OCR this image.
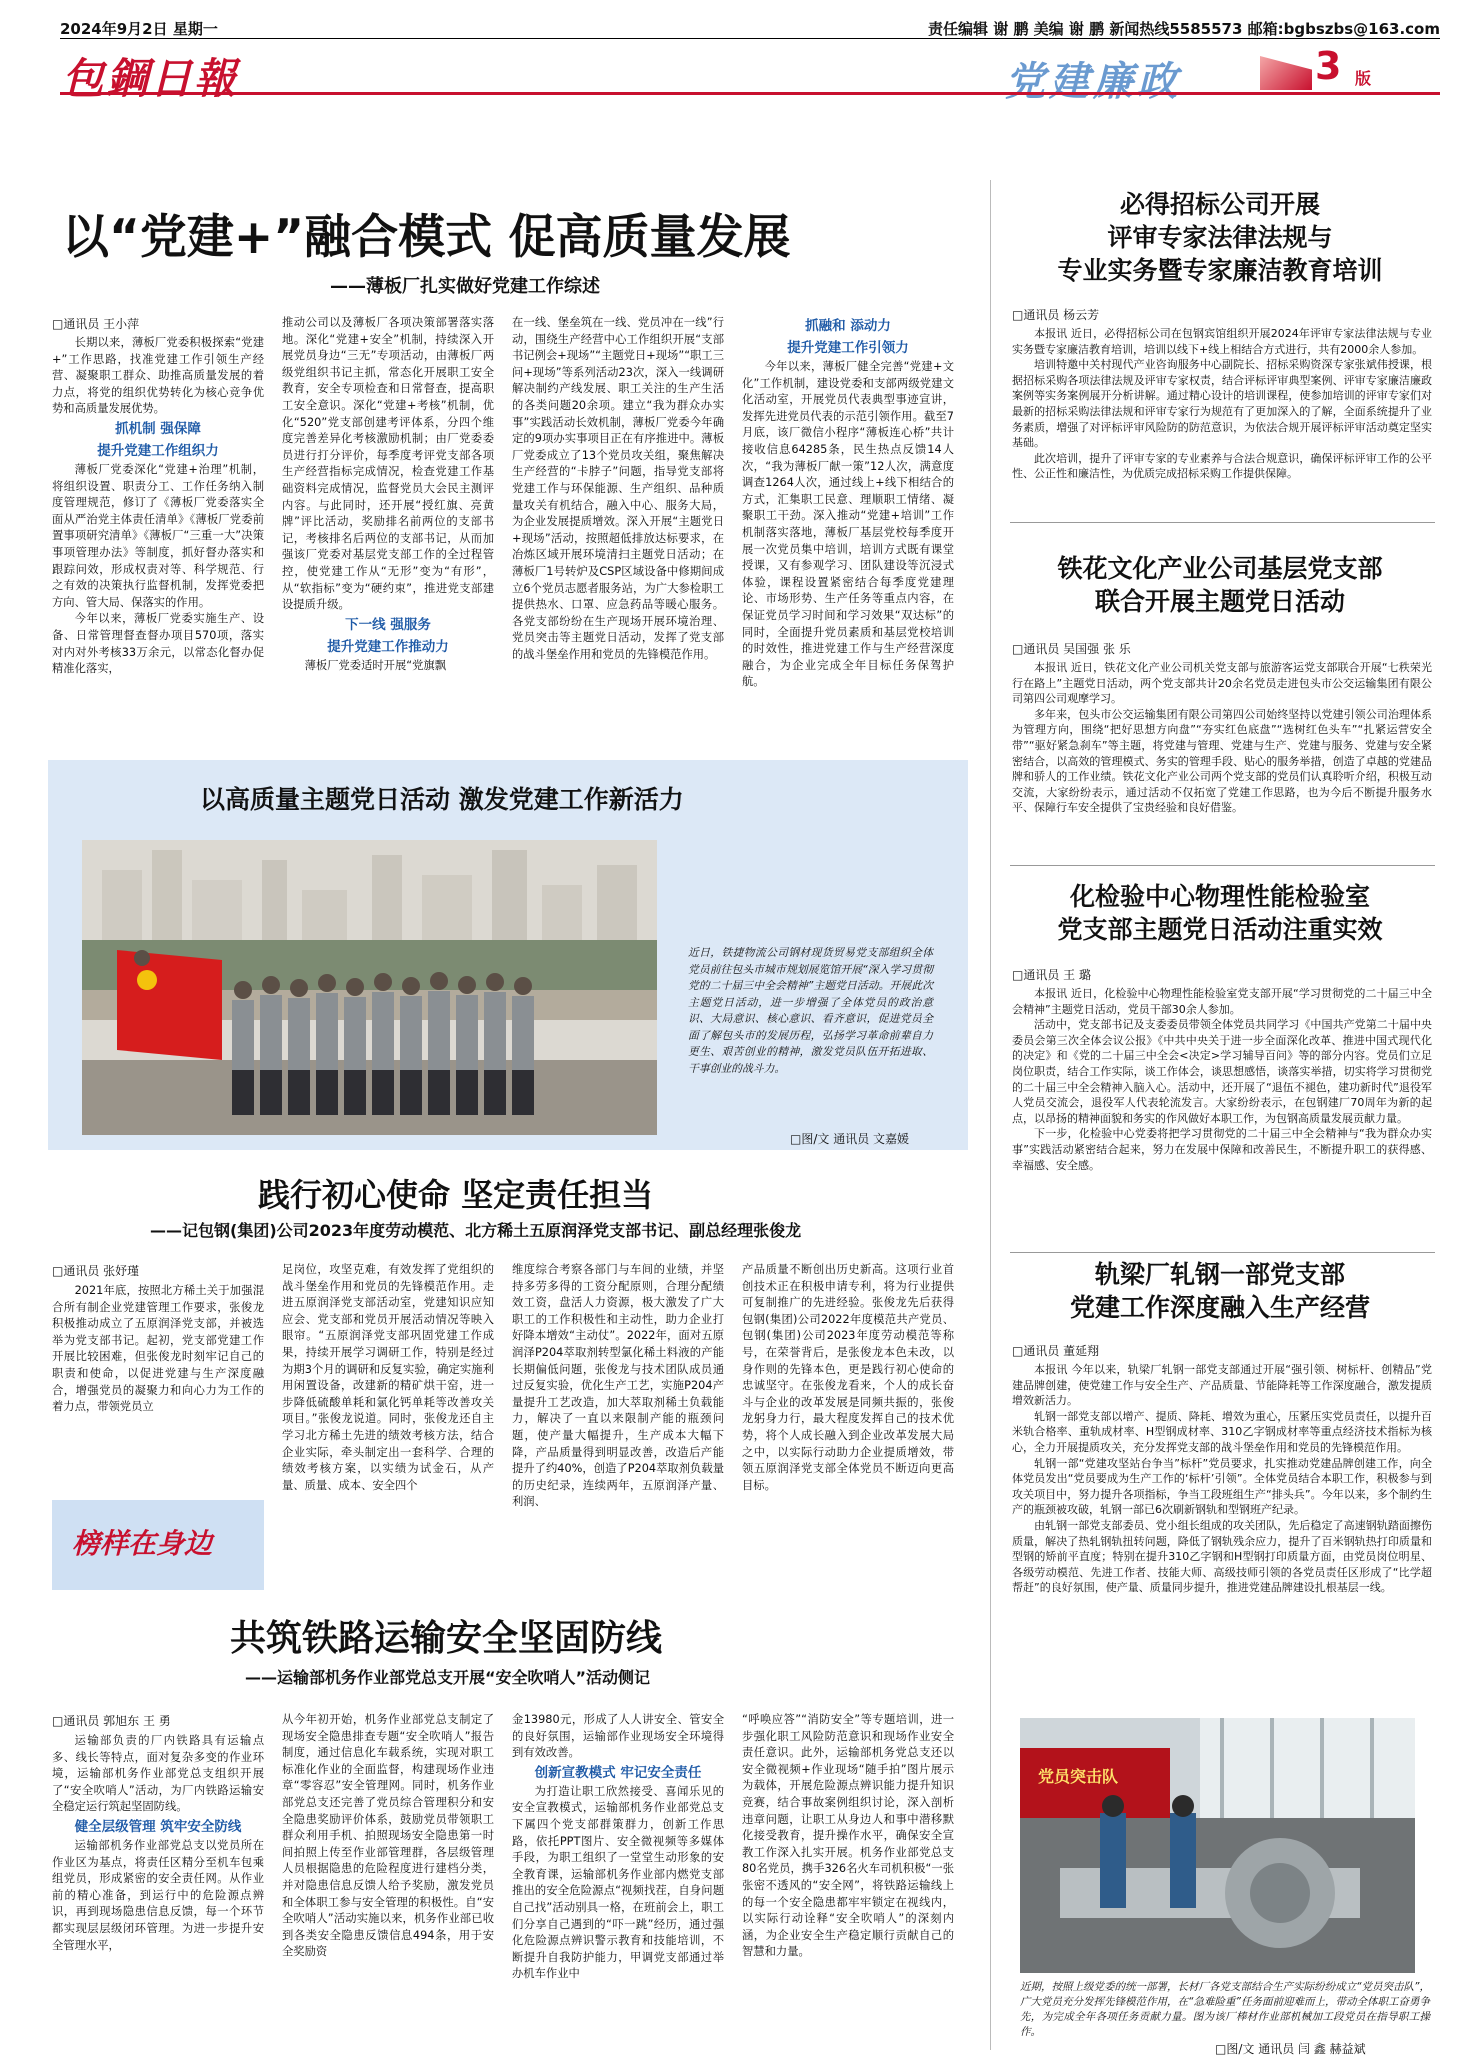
2024年9月2日 星期一	责任编辑 谢 鹏 美编 谢 鹏 新闻热线5585573 邮箱:bgbszbs@163.com
包鋼日報	党建廉政	3 版
以“党建+”融合模式 促高质量发展
——薄板厂扎实做好党建工作综述
□通讯员 王小萍

长期以来，薄板厂党委积极探索“党建+”工作思路，找准党建工作引领生产经营、凝聚职工群众、助推高质量发展的着力点，将党的组织优势转化为核心竞争优势和高质量发展优势。

抓机制 强保障
提升党建工作组织力

薄板厂党委深化“党建+治理”机制，将组织设置、职责分工、工作任务纳入制度管理规范，修订了《薄板厂党委落实全面从严治党主体责任清单》《薄板厂党委前置事项研究清单》《薄板厂“三重一大”决策事项管理办法》等制度，抓好督办落实和跟踪问效，形成权责对等、科学规范、行之有效的决策执行监督机制，发挥党委把方向、管大局、保落实的作用。

今年以来，薄板厂党委实施生产、设备、日常管理督查督办项目570项，落实对内对外考核33万余元，以常态化督办促精准化落实，

推动公司以及薄板厂各项决策部署落实落地。深化“党建+安全”机制，持续深入开展党员身边“三无”专项活动，由薄板厂两级党组织书记主抓，常态化开展职工安全教育，安全专项检查和日常督查，提高职工安全意识。深化“党建+考核”机制，优化“520”党支部创建考评体系，分四个维度完善差异化考核激励机制；由厂党委委员进行打分评价，每季度考评党支部各项生产经营指标完成情况，检查党建工作基础资料完成情况，监督党员大会民主测评内容。与此同时，还开展“授红旗、亮黄牌”评比活动，奖励排名前两位的支部书记，考核排名后两位的支部书记，从而加强该厂党委对基层党支部工作的全过程管控，使党建工作从“无形”变为“有形”，从“软指标”变为“硬约束”，推进党支部建设提质升级。

下一线 强服务
提升党建工作推动力

薄板厂党委适时开展“党旗飘

在一线、堡垒筑在一线、党员冲在一线”行动，围绕生产经营中心工作组织开展“支部书记例会+现场”“主题党日+现场”“职工三问+现场”等系列活动23次，深入一线调研解决制约产线发展、职工关注的生产生活的各类问题20余项。建立“我为群众办实事”实践活动长效机制，薄板厂党委今年确定的9项办实事项目正在有序推进中。薄板厂党委成立了13个党员攻关组，聚焦解决生产经营的“卡脖子”问题，指导党支部将党建工作与环保能源、生产组织、品种质量攻关有机结合，融入中心、服务大局，为企业发展提质增效。深入开展“主题党日+现场”活动，按照超低排放达标要求，在冶炼区域开展环境清扫主题党日活动；在薄板厂1号转炉及CSP区域设备中修期间成立6个党员志愿者服务站，为广大参检职工提供热水、口罩、应急药品等暖心服务。各党支部纷纷在生产现场开展环境治理、党员突击等主题党日活动，发挥了党支部的战斗堡垒作用和党员的先锋模范作用。

抓融和 添动力
提升党建工作引领力

今年以来，薄板厂健全完善“党建+文化”工作机制，建设党委和支部两级党建文化活动室，开展党员代表典型事迹宣讲，发挥先进党员代表的示范引领作用。截至7月底，该厂微信小程序“薄板连心桥”共计接收信息64285条，民生热点反馈14人次，“我为薄板厂献一策”12人次，满意度调查1264人次，通过线上+线下相结合的方式，汇集职工民意、理顺职工情绪、凝聚职工干劲。深入推动“党建+培训”工作机制落实落地，薄板厂基层党校每季度开展一次党员集中培训，培训方式既有课堂授课，又有参观学习、团队建设等沉浸式体验，课程设置紧密结合每季度党建理论、市场形势、生产任务等重点内容，在保证党员学习时间和学习效果“双达标”的同时，全面提升党员素质和基层党校培训的时效性，推进党建工作与生产经营深度融合，为企业完成全年目标任务保驾护航。

以高质量主题党日活动 激发党建工作新活力
近日，铁捷物流公司钢材现货贸易党支部组织全体党员前往包头市城市规划展览馆开展“深入学习贯彻党的二十届三中全会精神”主题党日活动。开展此次主题党日活动，进一步增强了全体党员的政治意识、大局意识、核心意识、看齐意识，促进党员全面了解包头市的发展历程，弘扬学习革命前辈自力更生、艰苦创业的精神，激发党员队伍开拓进取、干事创业的战斗力。
□图/文 通讯员 文嘉媛
践行初心使命 坚定责任担当
——记包钢(集团)公司2023年度劳动模范、北方稀土五原润泽党支部书记、副总经理张俊龙
□通讯员 张妤瑾

2021年底，按照北方稀土关于加强混合所有制企业党建管理工作要求，张俊龙积极推动成立了五原润泽党支部，并被选举为党支部书记。起初，党支部党建工作开展比较困难，但张俊龙时刻牢记自己的职责和使命，以促进党建与生产深度融合，增强党员的凝聚力和向心力为工作的着力点，带领党员立

榜样在身边

足岗位，攻坚克难，有效发挥了党组织的战斗堡垒作用和党员的先锋模范作用。走进五原润泽党支部活动室，党建知识应知应会、党支部和党员开展活动情况等映入眼帘。“五原润泽党支部巩固党建工作成果，持续开展学习调研工作，特别是经过为期3个月的调研和反复实验，确定实施利用闲置设备，改建新的精矿烘干窑，进一步降低硫酸单耗和氯化钙单耗等改善攻关项目。”张俊龙说道。同时，张俊龙还自主学习北方稀土先进的绩效考核方法，结合企业实际，牵头制定出一套科学、合理的绩效考核方案，以实绩为试金石，从产量、质量、成本、安全四个

维度综合考察各部门与车间的业绩，并坚持多劳多得的工资分配原则，合理分配绩效工资，盘活人力资源，极大激发了广大职工的工作积极性和主动性，助力企业打好降本增效“主动仗”。2022年，面对五原润泽P204萃取剂转型氯化稀土料液的产能长期偏低问题，张俊龙与技术团队成员通过反复实验，优化生产工艺，实施P204产量提升工艺改造，加大萃取剂稀土负载能力，解决了一直以来限制产能的瓶颈问题，使产量大幅提升，生产成本大幅下降，产品质量得到明显改善，改造后产能提升了约40%，创造了P204萃取剂负载量的历史纪录，连续两年，五原润泽产量、利润、

产品质量不断创出历史新高。这项行业首创技术正在积极申请专利，将为行业提供可复制推广的先进经验。张俊龙先后获得包钢(集团)公司2022年度模范共产党员、包钢(集团)公司2023年度劳动模范等称号，在荣誉背后，是张俊龙本色未改，以身作则的先锋本色，更是践行初心使命的忠诚坚守。在张俊龙看来，个人的成长奋斗与企业的改革发展是同频共振的，张俊龙躬身力行，最大程度发挥自己的技术优势，将个人成长融入到企业改革发展大局之中，以实际行动助力企业提质增效，带领五原润泽党支部全体党员不断迈向更高目标。

共筑铁路运输安全坚固防线
——运输部机务作业部党总支开展“安全吹哨人”活动侧记
□通讯员 郭旭东 王 勇

运输部负责的厂内铁路具有运输点多、线长等特点，面对复杂多变的作业环境，运输部机务作业部党总支组织开展了“安全吹哨人”活动，为厂内铁路运输安全稳定运行筑起坚固防线。

健全层级管理 筑牢安全防线

运输部机务作业部党总支以党员所在作业区为基点，将责任区精分至机车包乘组党员，形成紧密的安全责任网。从作业前的精心准备，到运行中的危险源点辨识，再到现场隐患信息反馈，每一个环节都实现层层级闭环管理。为进一步提升安全管理水平，

从今年初开始，机务作业部党总支制定了现场安全隐患排查专题“安全吹哨人”报告制度，通过信息化车载系统，实现对职工标准化作业的全面监督，构建现场作业违章“零容忍”安全管理网。同时，机务作业部党总支还完善了党员综合管理积分和安全隐患奖励评价体系，鼓励党员带领职工群众利用手机、拍照现场安全隐患第一时间拍照上传至作业部管理群，各层级管理人员根据隐患的危险程度进行建档分类，并对隐患信息反馈人给予奖励，激发党员和全体职工参与安全管理的积极性。自“安全吹哨人”活动实施以来，机务作业部已收到各类安全隐患反馈信息494条，用于安全奖励资

金13980元，形成了人人讲安全、管安全的良好氛围，运输部作业现场安全环境得到有效改善。

创新宣教模式 牢记安全责任

为打造让职工欣然接受、喜闻乐见的安全宣教模式，运输部机务作业部党总支下属四个党支部群策群力，创新工作思路，依托PPT图片、安全微视频等多媒体手段，为职工组织了一堂堂生动形象的安全教育课，运输部机务作业部内燃党支部推出的安全危险源点“视频找茬，自身问题自己找”活动别具一格，在班前会上，职工们分享自己遇到的“吓一跳”经历，通过强化危险源点辨识警示教育和技能培训，不断提升自我防护能力，甲调党支部通过举办机车作业中

“呼唤应答”“消防安全”等专题培训，进一步强化职工风险防范意识和现场作业安全责任意识。此外，运输部机务党总支还以安全微视频+作业现场“随手拍”图片展示为载体，开展危险源点辨识能力提升知识竞赛，结合事故案例组织讨论，深入剖析违章问题，让职工从身边人和事中潜移默化接受教育，提升操作水平，确保安全宣教工作深入扎实开展。机务作业部党总支80名党员，携手326名火车司机积极“一张张密不透风的“安全网”，将铁路运输线上的每一个安全隐患都牢牢锁定在视线内，以实际行动诠释“安全吹哨人”的深刻内涵，为企业安全生产稳定顺行贡献自己的智慧和力量。

必得招标公司开展
评审专家法律法规与
专业实务暨专家廉洁教育培训
□通讯员 杨云芳

本报讯 近日，必得招标公司在包钢宾馆组织开展2024年评审专家法律法规与专业实务暨专家廉洁教育培训，培训以线下+线上相结合方式进行，共有2000余人参加。

培训特邀中关村现代产业咨询服务中心副院长、招标采购资深专家张斌伟授课，根据招标采购各项法律法规及评审专家权责，结合评标评审典型案例、评审专家廉洁廉政案例等实务案例展开分析讲解。通过精心设计的培训课程，使参加培训的评审专家们对最新的招标采购法律法规和评审专家行为规范有了更加深入的了解，全面系统提升了业务素质，增强了对评标评审风险防的防范意识，为依法合规开展评标评审活动奠定坚实基础。

此次培训，提升了评审专家的专业素养与合法合规意识，确保评标评审工作的公平性、公正性和廉洁性，为优质完成招标采购工作提供保障。

铁花文化产业公司基层党支部
联合开展主题党日活动
□通讯员 吴国强 张 乐

本报讯 近日，铁花文化产业公司机关党支部与旅游客运党支部联合开展“七秩荣光 行在路上”主题党日活动，两个党支部共计20余名党员走进包头市公交运输集团有限公司第四公司观摩学习。

多年来，包头市公交运输集团有限公司第四公司始终坚持以党建引领公司治理体系为管理方向，围绕“把好思想方向盘”“夯实红色底盘”“选树红色头车”“扎紧运营安全带”“驱好紧急刹车”等主题，将党建与管理、党建与生产、党建与服务、党建与安全紧密结合，以高效的管理模式、务实的管理手段、贴心的服务举措，创造了卓越的党建品牌和骄人的工作业绩。铁花文化产业公司两个党支部的党员们认真聆听介绍，积极互动交流，大家纷纷表示，通过活动不仅拓宽了党建工作思路，也为今后不断提升服务水平、保障行车安全提供了宝贵经验和良好借鉴。

化检验中心物理性能检验室
党支部主题党日活动注重实效
□通讯员 王 璐

本报讯 近日，化检验中心物理性能检验室党支部开展“学习贯彻党的二十届三中全会精神”主题党日活动，党员干部30余人参加。

活动中，党支部书记及支委委员带领全体党员共同学习《中国共产党第二十届中央委员会第三次全体会议公报》《中共中央关于进一步全面深化改革、推进中国式现代化的决定》和《党的二十届三中全会<决定>学习辅导百问》等的部分内容。党员们立足岗位职责，结合工作实际，谈工作体会，谈思想感悟，谈落实举措，切实将学习贯彻党的二十届三中全会精神入脑入心。活动中，还开展了“退伍不褪色，建功新时代”退役军人党员交流会，退役军人代表轮流发言。大家纷纷表示，在包钢建厂70周年为新的起点，以昂扬的精神面貌和务实的作风做好本职工作，为包钢高质量发展贡献力量。

下一步，化检验中心党委将把学习贯彻党的二十届三中全会精神与“我为群众办实事”实践活动紧密结合起来，努力在发展中保障和改善民生，不断提升职工的获得感、幸福感、安全感。

轨梁厂轧钢一部党支部
党建工作深度融入生产经营
□通讯员 董延翔

本报讯 今年以来，轨梁厂轧钢一部党支部通过开展“强引领、树标杆、创精品”党建品牌创建，使党建工作与安全生产、产品质量、节能降耗等工作深度融合，激发提质增效新活力。

轧钢一部党支部以增产、提质、降耗、增效为重心，压紧压实党员责任，以提升百米轨合格率、重轨成材率、H型钢成材率、310乙字钢成材率等重点经济技术指标为核心，全力开展提质攻关，充分发挥党支部的战斗堡垒作用和党员的先锋模范作用。

轧钢一部“党建攻坚站台争当”标杆”党员要求，扎实推动党建品牌创建工作，向全体党员发出“党员要成为生产工作的‘标杆’引领”。全体党员结合本职工作，积极参与到攻关项目中，努力提升各项指标，争当工段班组生产“排头兵”。今年以来，多个制约生产的瓶颈被攻破，轧钢一部已6次刷新钢轨和型钢班产纪录。

由轧钢一部党支部委员、党小组长组成的攻关团队，先后稳定了高速钢轨踏面擦伤质量，解决了热轧钢轨扭转问题，降低了钢轨残余应力，提升了百米钢轨热打印质量和型钢的矫前平直度；特别在提升310乙字钢和H型钢打印质量方面，由党员岗位明星、各级劳动模范、先进工作者、技能大师、高级技师引领的各党员责任区形成了“比学超帮赶”的良好氛围，使产量、质量同步提升，推进党建品牌建设扎根基层一线。

党员突击队
近期，按照上级党委的统一部署，长材厂各党支部结合生产实际纷纷成立“党员突击队”，广大党员充分发挥先锋模范作用，在“急难险重”任务面前迎难而上，带动全体职工奋勇争先，为完成全年各项任务贡献力量。图为该厂棒材作业部机械加工段党员在指导职工操作。
□图/文 通讯员 闫 鑫 赫益斌
